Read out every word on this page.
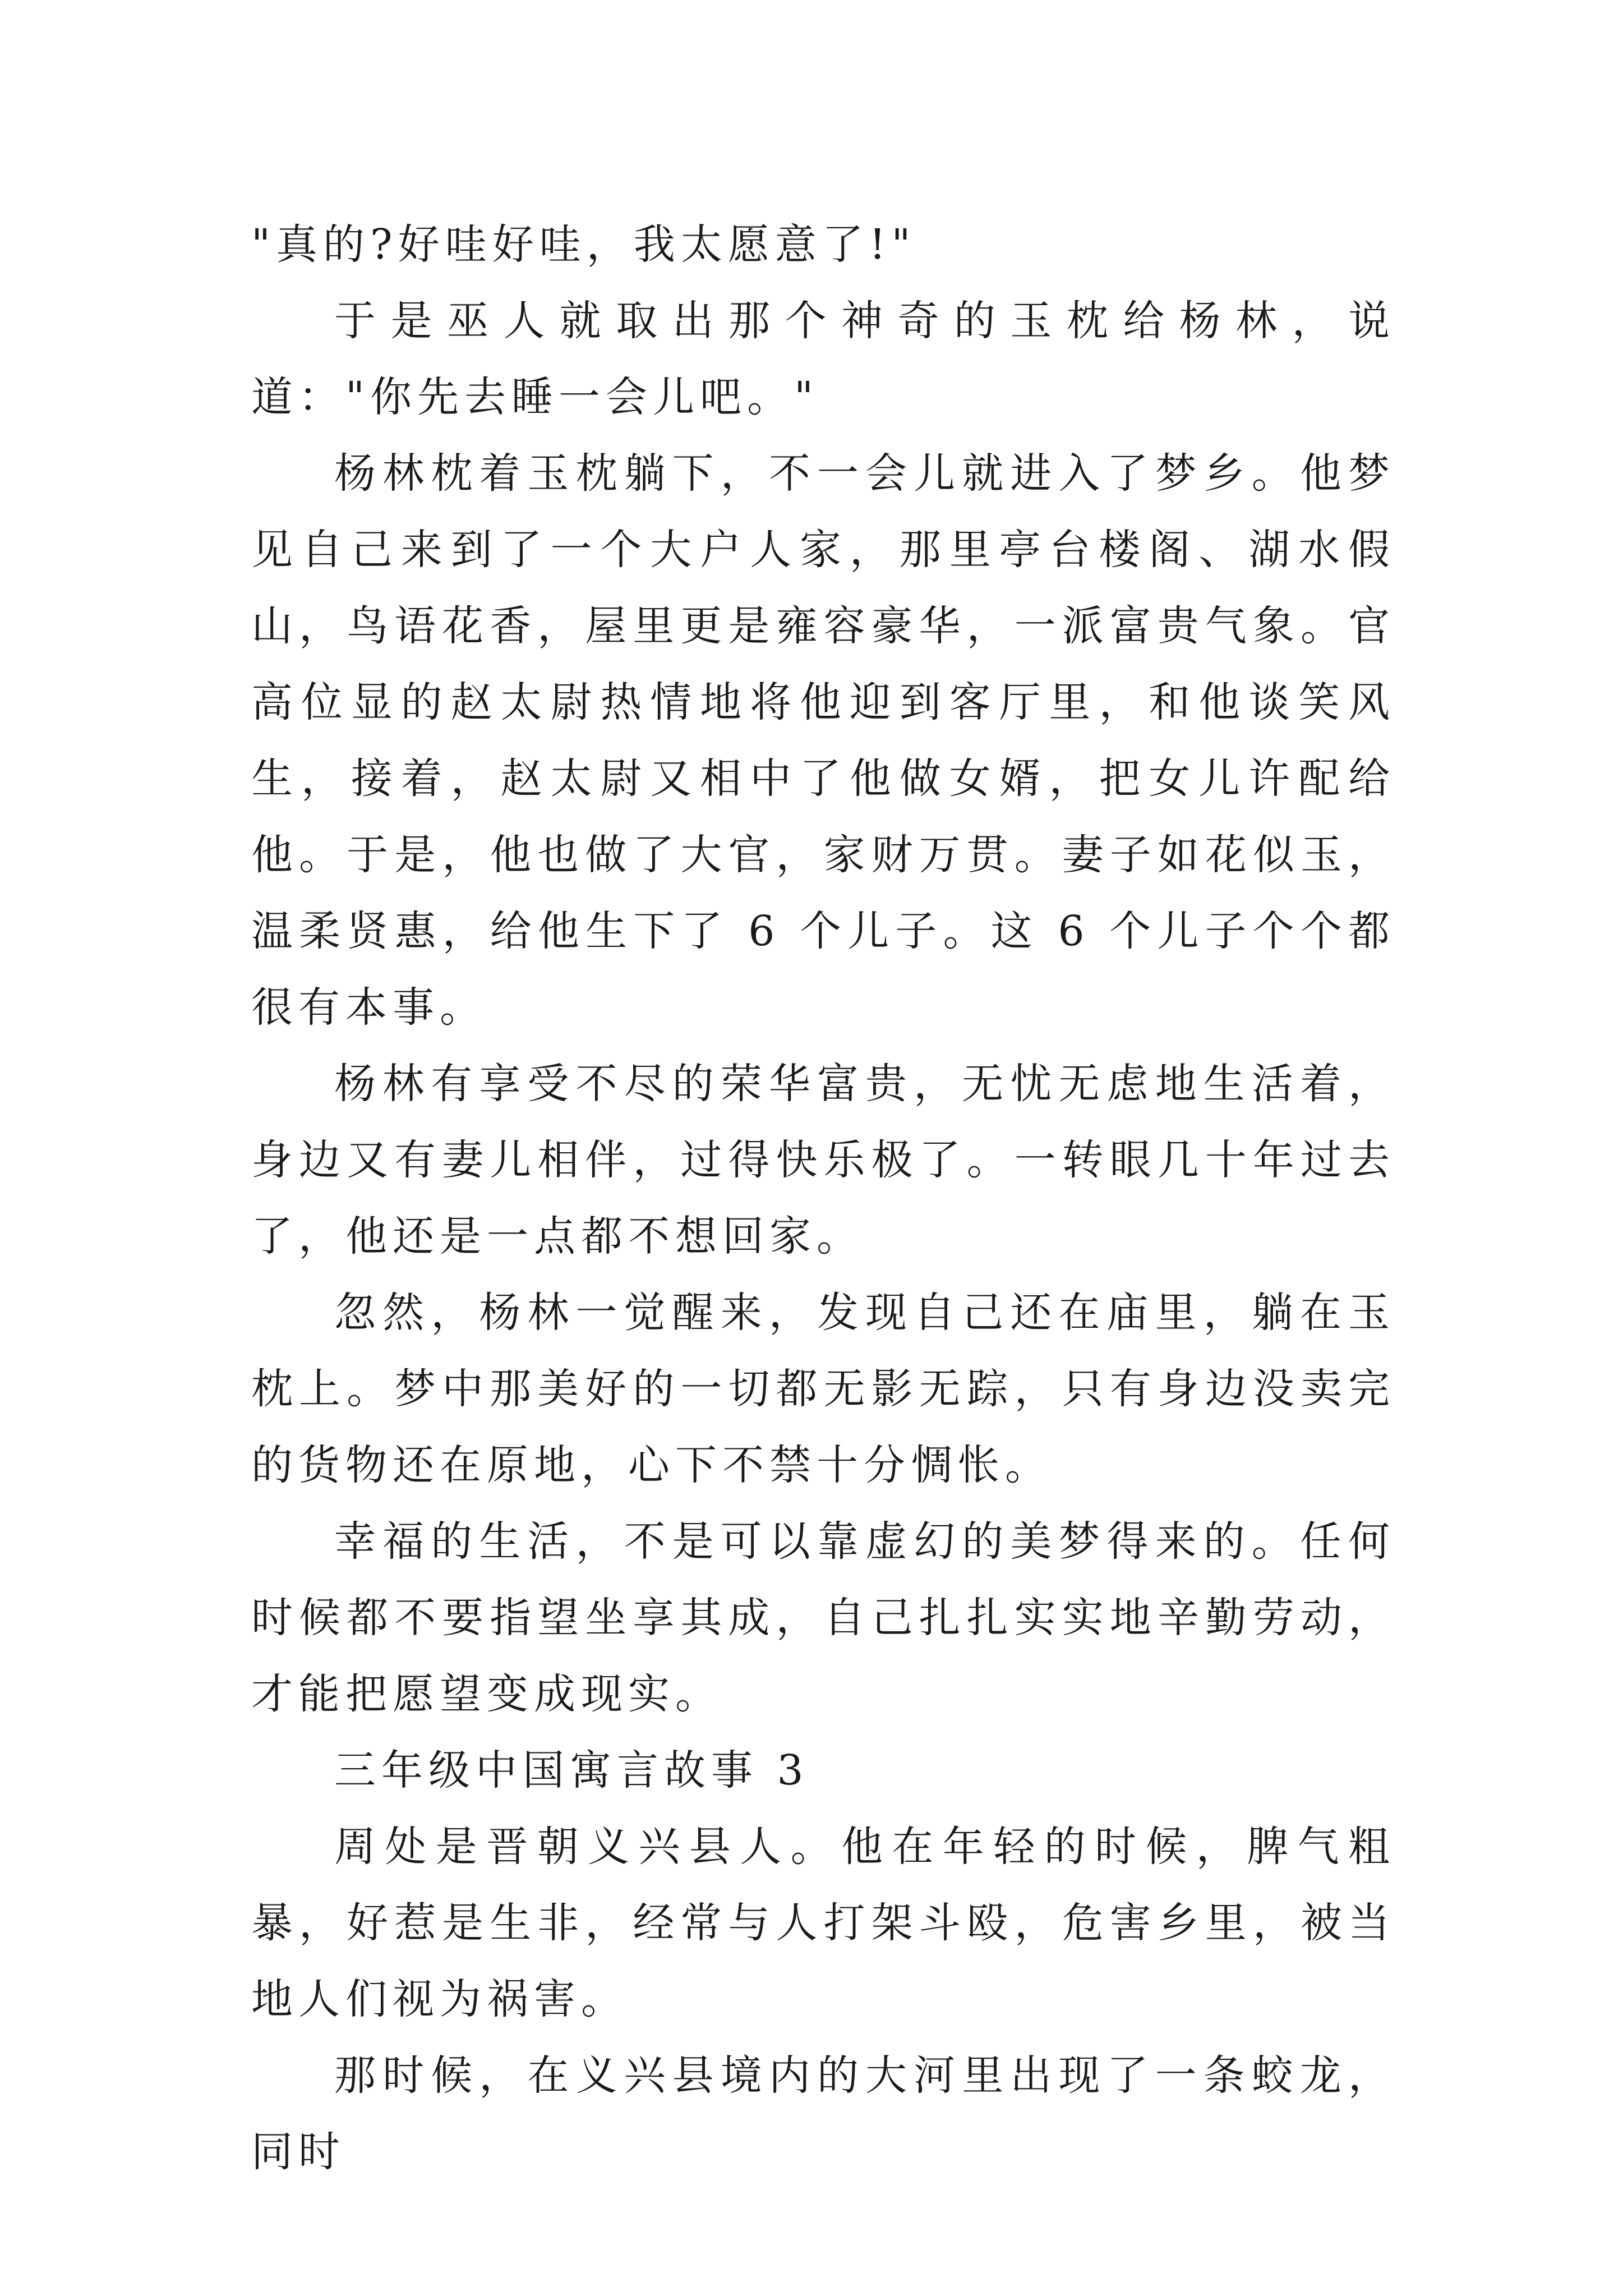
"真的?好哇好哇，我太愿意了!"

于是巫人就取出那个神奇的玉枕给杨林，说道："你先去睡一会儿吧。"

杨林枕着玉枕躺下，不一会儿就进入了梦乡。他梦见自己来到了一个大户人家，那里亭台楼阁、湖水假山，鸟语花香，屋里更是雍容豪华，一派富贵气象。官高位显的赵太尉热情地将他迎到客厅里，和他谈笑风生，接着，赵太尉又相中了他做女婿，把女儿许配给他。于是，他也做了大官，家财万贯。妻子如花似玉，温柔贤惠，给他生下了 6 个儿子。这 6 个儿子个个都很有本事。

杨林有享受不尽的荣华富贵，无忧无虑地生活着，身边又有妻儿相伴，过得快乐极了。一转眼几十年过去了，他还是一点都不想回家。

忽然，杨林一觉醒来，发现自己还在庙里，躺在玉枕上。梦中那美好的一切都无影无踪，只有身边没卖完的货物还在原地，心下不禁十分惆怅。

幸福的生活，不是可以靠虚幻的美梦得来的。任何时候都不要指望坐享其成，自己扎扎实实地辛勤劳动，才能把愿望变成现实。

三年级中国寓言故事 3

周处是晋朝义兴县人。他在年轻的时候，脾气粗暴，好惹是生非，经常与人打架斗殴，危害乡里，被当地人们视为祸害。

那时候，在义兴县境内的大河里出现了一条蛟龙，同时
